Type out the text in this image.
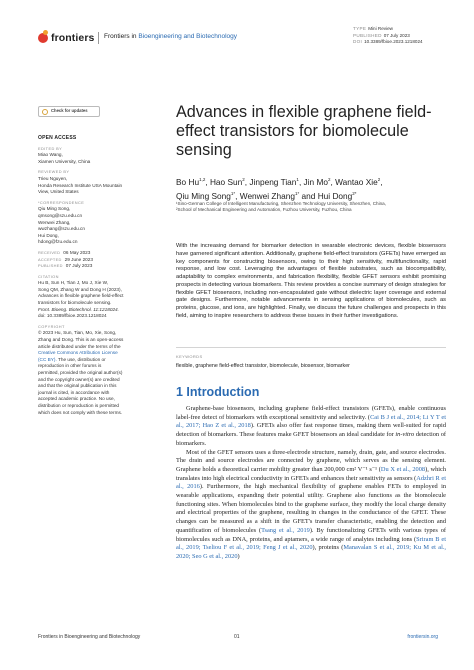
frontiers Frontiers in Bioengineering and Biotechnology
TYPE Mini Review
PUBLISHED 07 July 2023
DOI 10.3389/fbioe.2023.1218024
Check for updates
OPEN ACCESS
EDITED BY
Miao Wang,
Xiamen University, China
REVIEWED BY
Trieu Nguyen,
Honda Research Institute USA Mountain
View, United States
*CORRESPONDENCE
Qiu Ming Song,
qmsong@szu.edu.cn
Wenwei Zhang,
wwzhang@szu.edu.cn
Hui Dong,
hdong@fzu.edu.cn
RECEIVED 06 May 2023
ACCEPTED 29 June 2023
PUBLISHED 07 July 2023
CITATION
Hu B, Sun H, Tian J, Mo J, Xie W,
Song QM, Zhang W and Dong H (2023),
Advances in flexible graphene field-effect
transistors for biomolecule sensing.
Front. Bioeng. Biotechnol. 11:1218024.
doi: 10.3389/fbioe.2023.1218024
COPYRIGHT
© 2023 Hu, Sun, Tian, Mo, Xie, Song,
Zhang and Dong. This is an open-access
article distributed under the terms of the
Creative Commons Attribution License
(CC BY). The use, distribution or
reproduction in other forums is
permitted, provided the original author(s)
and the copyright owner(s) are credited
and that the original publication in this
journal is cited, in accordance with
accepted academic practice. No use,
distribution or reproduction is permitted
which does not comply with these terms.
Advances in flexible graphene field-effect transistors for biomolecule sensing
Bo Hu$^{1,2}$, Hao Sun$^2$, Jinpeng Tian$^1$, Jin Mo$^2$, Wantao Xie$^2$,
Qiu Ming Song$^{1*}$, Wenwei Zhang$^{1*}$ and Hui Dong$^{2*}$
¹Sino-German College of Intelligent Manufacturing, Shenzhen Technology University, Shenzhen, China,
²School of Mechanical Engineering and Automation, Fuzhou University, Fuzhou, China

With the increasing demand for biomarker detection in wearable electronic devices, flexible biosensors have garnered significant attention. Additionally, graphene field-effect transistors (GFETs) have emerged as key components for constructing biosensors, owing to their high sensitivity, multifunctionality, rapid response, and low cost. Leveraging the advantages of flexible substrates, such as biocompatibility, adaptability to complex environments, and fabrication flexibility, flexible GFET sensors exhibit promising prospects in detecting various biomarkers. This review provides a concise summary of design strategies for flexible GFET biosensors, including non-encapsulated gate without dielectric layer coverage and external gate designs. Furthermore, notable advancements in sensing applications of biomolecules, such as proteins, glucose, and ions, are highlighted. Finally, we discuss the future challenges and prospects in this field, aiming to inspire researchers to address these issues in their further investigations.

KEYWORDS
flexible, graphene field-effect transistor, biomolecule, biosensor, biomarker
1 Introduction

Graphene-base biosensors, including graphene field-effect transistors (GFETs), enable continuous label-free detect of biomarkers with exceptional sensitivity and selectivity. (Cai B J et al., 2014; Li Y T et al., 2017; Hao Z et al., 2018). GFETs also offer fast response times, making them well-suited for rapid detection of biomarkers. These features make GFET biosensors an ideal candidate for in-vitro detection of biomarkers.

Most of the GFET sensors uses a three-electrode structure, namely, drain, gate, and source electrodes. The drain and source electrodes are connected by graphene, which serves as the sensing element. Graphene holds a theoretical carrier mobility greater than 200,000 cm² V⁻¹ s⁻¹ (Du X et al., 2008), which translates into high electrical conductivity in GFETs and enhances their sensitivity as sensors (Adzhri R et al., 2016). Furthermore, the high mechanical flexibility of graphene enables FETs to employed in wearable applications, expanding their potential utility. Graphene also functions as the biomolecule functioning sites. When biomolecules bind to the graphene surface, they modify the local charge density and electrical properties of the graphene, resulting in changes in the conductance of the GFET. These changes can be measured as a shift in the GFET's transfer characteristic, enabling the detection and quantification of biomolecules (Tsang et al., 2019). By functionalizing GFETs with various types of biomolecules such as DNA, proteins, and aptamers, a wide range of analytes including ions (Sriram B et al., 2019; Tseliou F et al., 2019; Feng J et al., 2020), proteins (Manavalan S et al., 2019; Ku M et al., 2020; Seo G et al., 2020)

Frontiers in Bioengineering and Biotechnology	01	frontiersin.org
